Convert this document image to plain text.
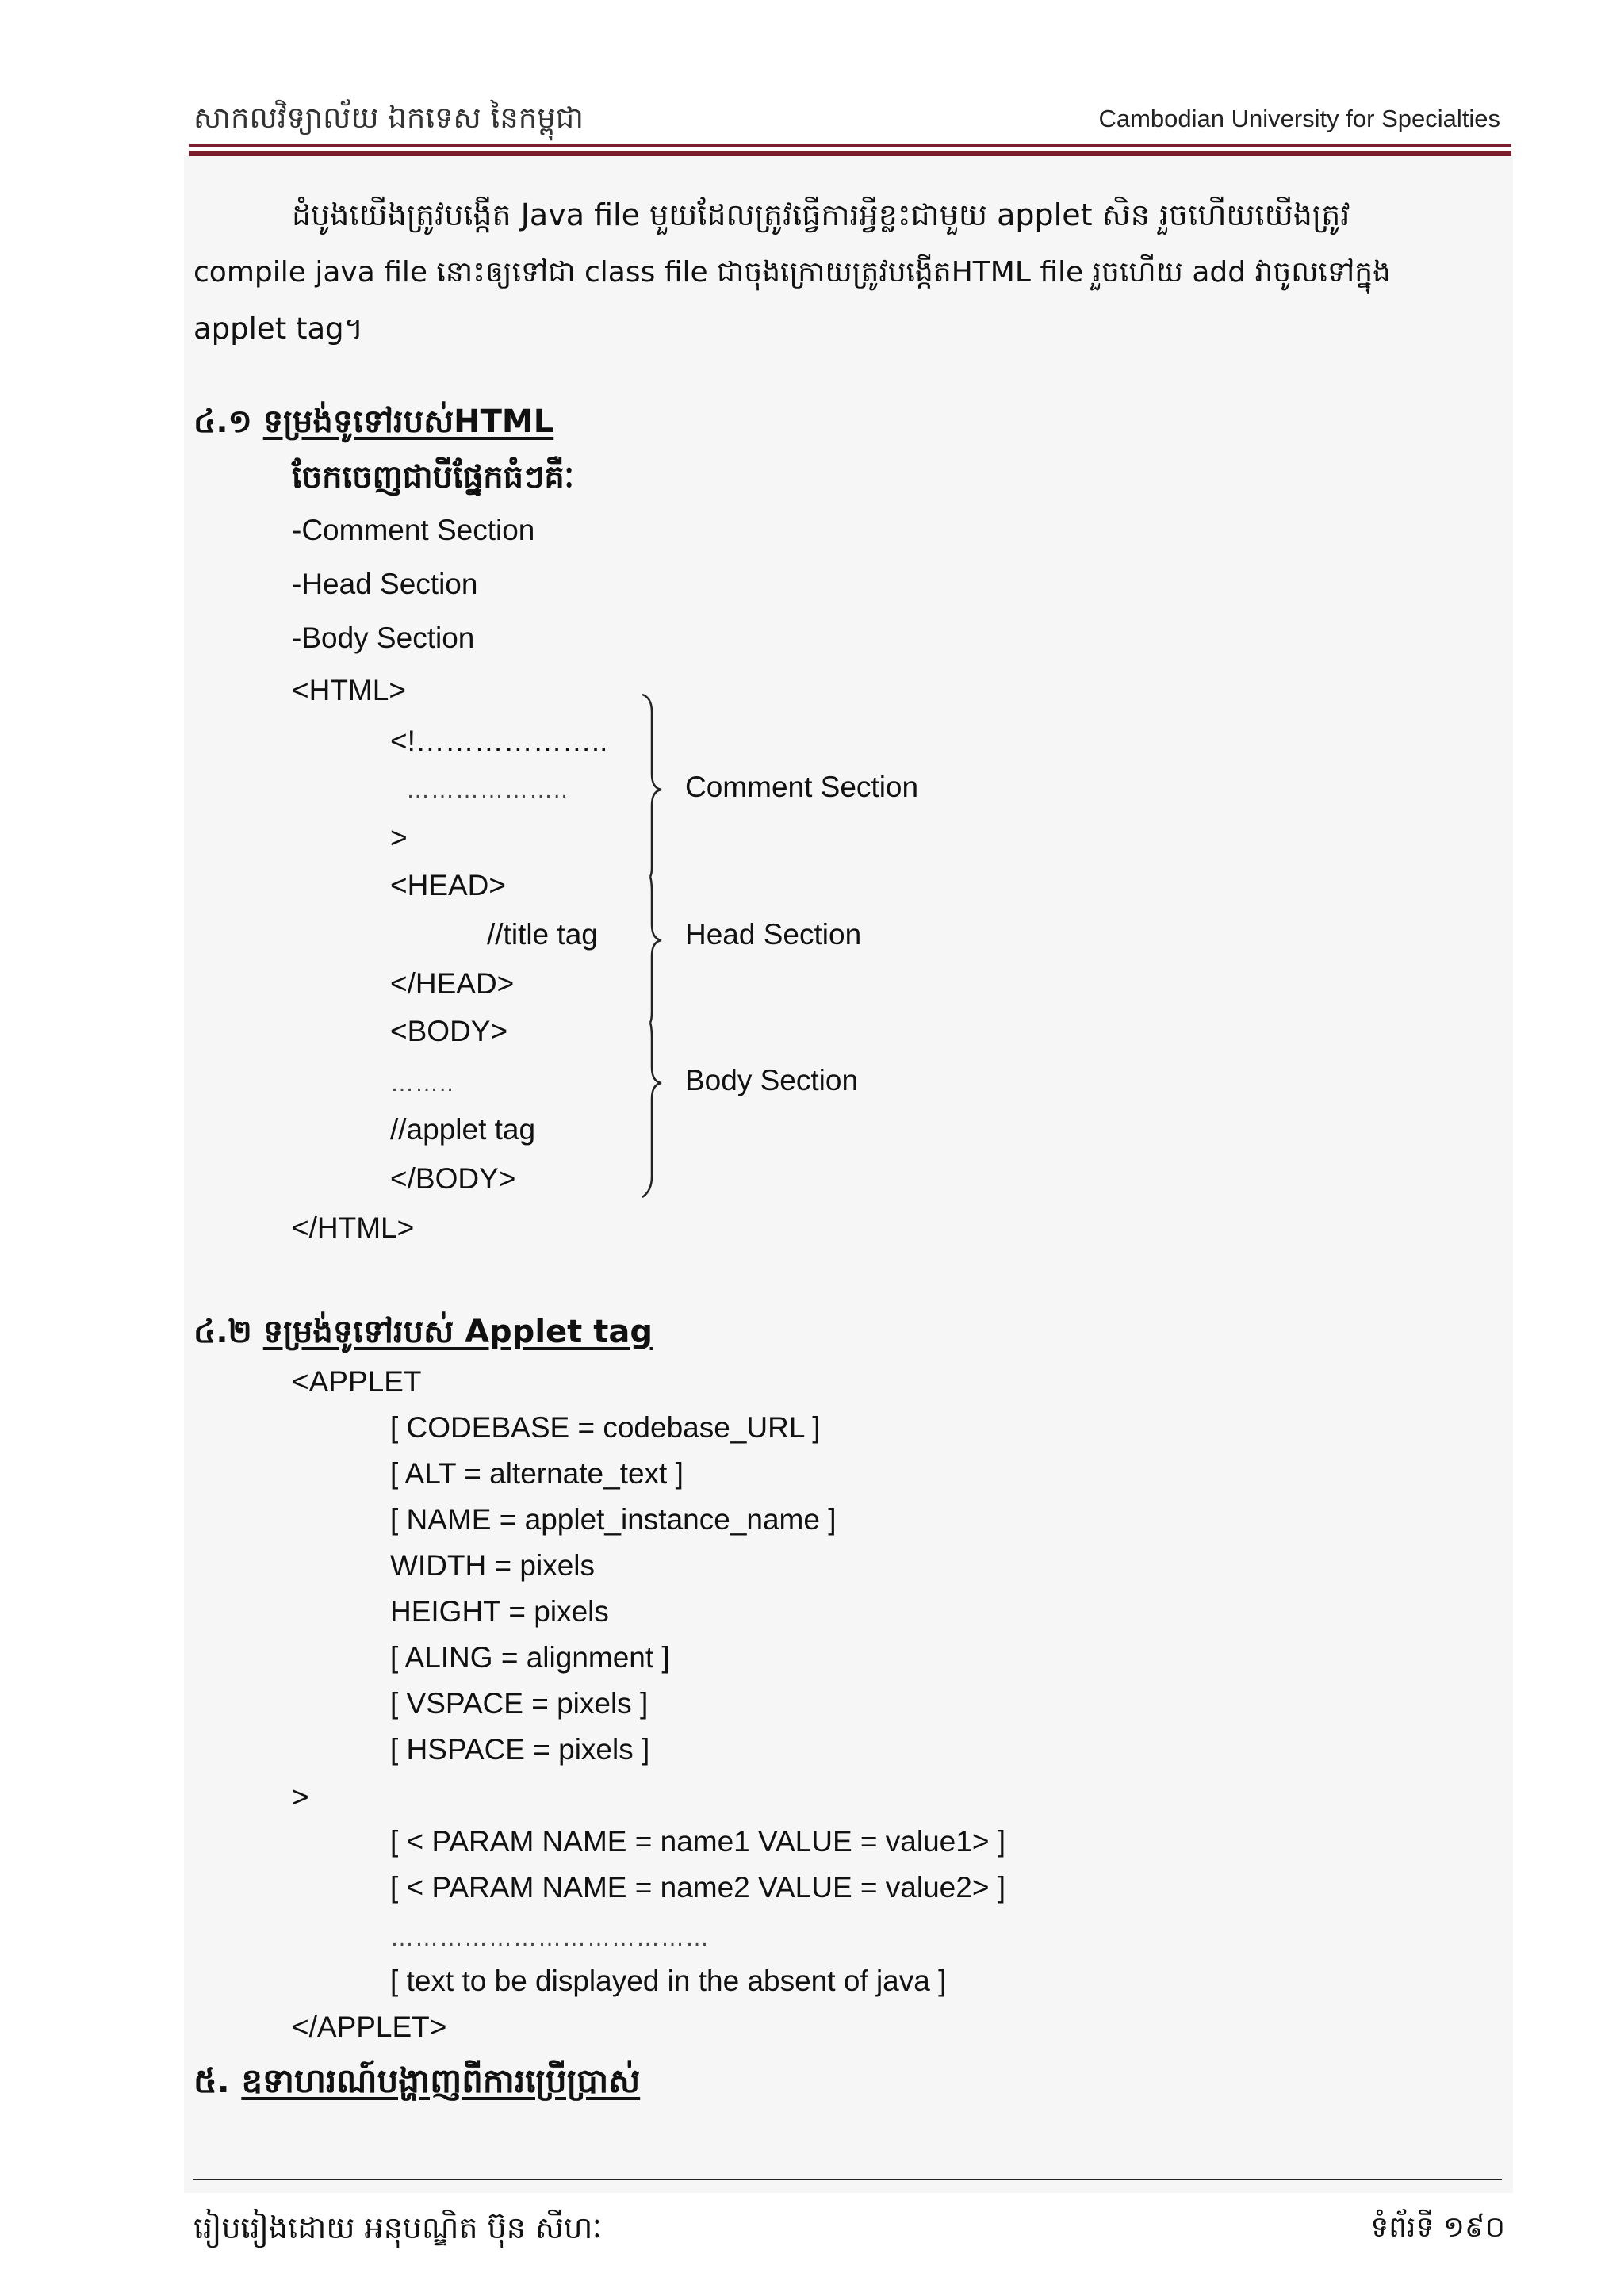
សាកលវិទ្យាល័យ ឯកទេស នៃកម្ពុជា	Cambodian University for Specialties
ដំបូងយើងត្រូវបង្កើត Java file មួយដែលត្រូវធ្វើការអ្វីខ្លះជាមួយ applet សិន រួចហើយយើងត្រូវ
compile java file នោះឲ្យទៅជា class file ជាចុងក្រោយត្រូវបង្កើតHTML file រួចហើយ add វាចូលទៅក្នុង
applet tag។
៤.១ ទម្រង់ទូទៅរបស់HTML
ចែកចេញជាបីផ្នែកធំៗគឺៈ
-Comment Section
-Head Section
-Body Section
<HTML>
<!………………..
………………..
>
<HEAD>
//title tag
</HEAD>
<BODY>
……..
//applet tag
</BODY>
</HTML>
Comment Section
Head Section
Body Section
៤.២ ទម្រង់ទូទៅរបស់ Applet tag
<APPLET
[ CODEBASE = codebase_URL ]
[ ALT = alternate_text ]
[ NAME = applet_instance_name ]
WIDTH = pixels
HEIGHT = pixels
[ ALING = alignment ]
[ VSPACE = pixels ]
[ HSPACE = pixels ]
>
[ < PARAM NAME = name1 VALUE = value1> ]
[ < PARAM NAME = name2 VALUE = value2> ]
…………………………………
[ text to be displayed in the absent of java ]
</APPLET>
៥. ឧទាហរណ៍បង្ហាញពីការប្រើប្រាស់
រៀបរៀងដោយ អនុបណ្ឌិត ប៊ុន សីហៈ	ទំព័រទី ១៩០
